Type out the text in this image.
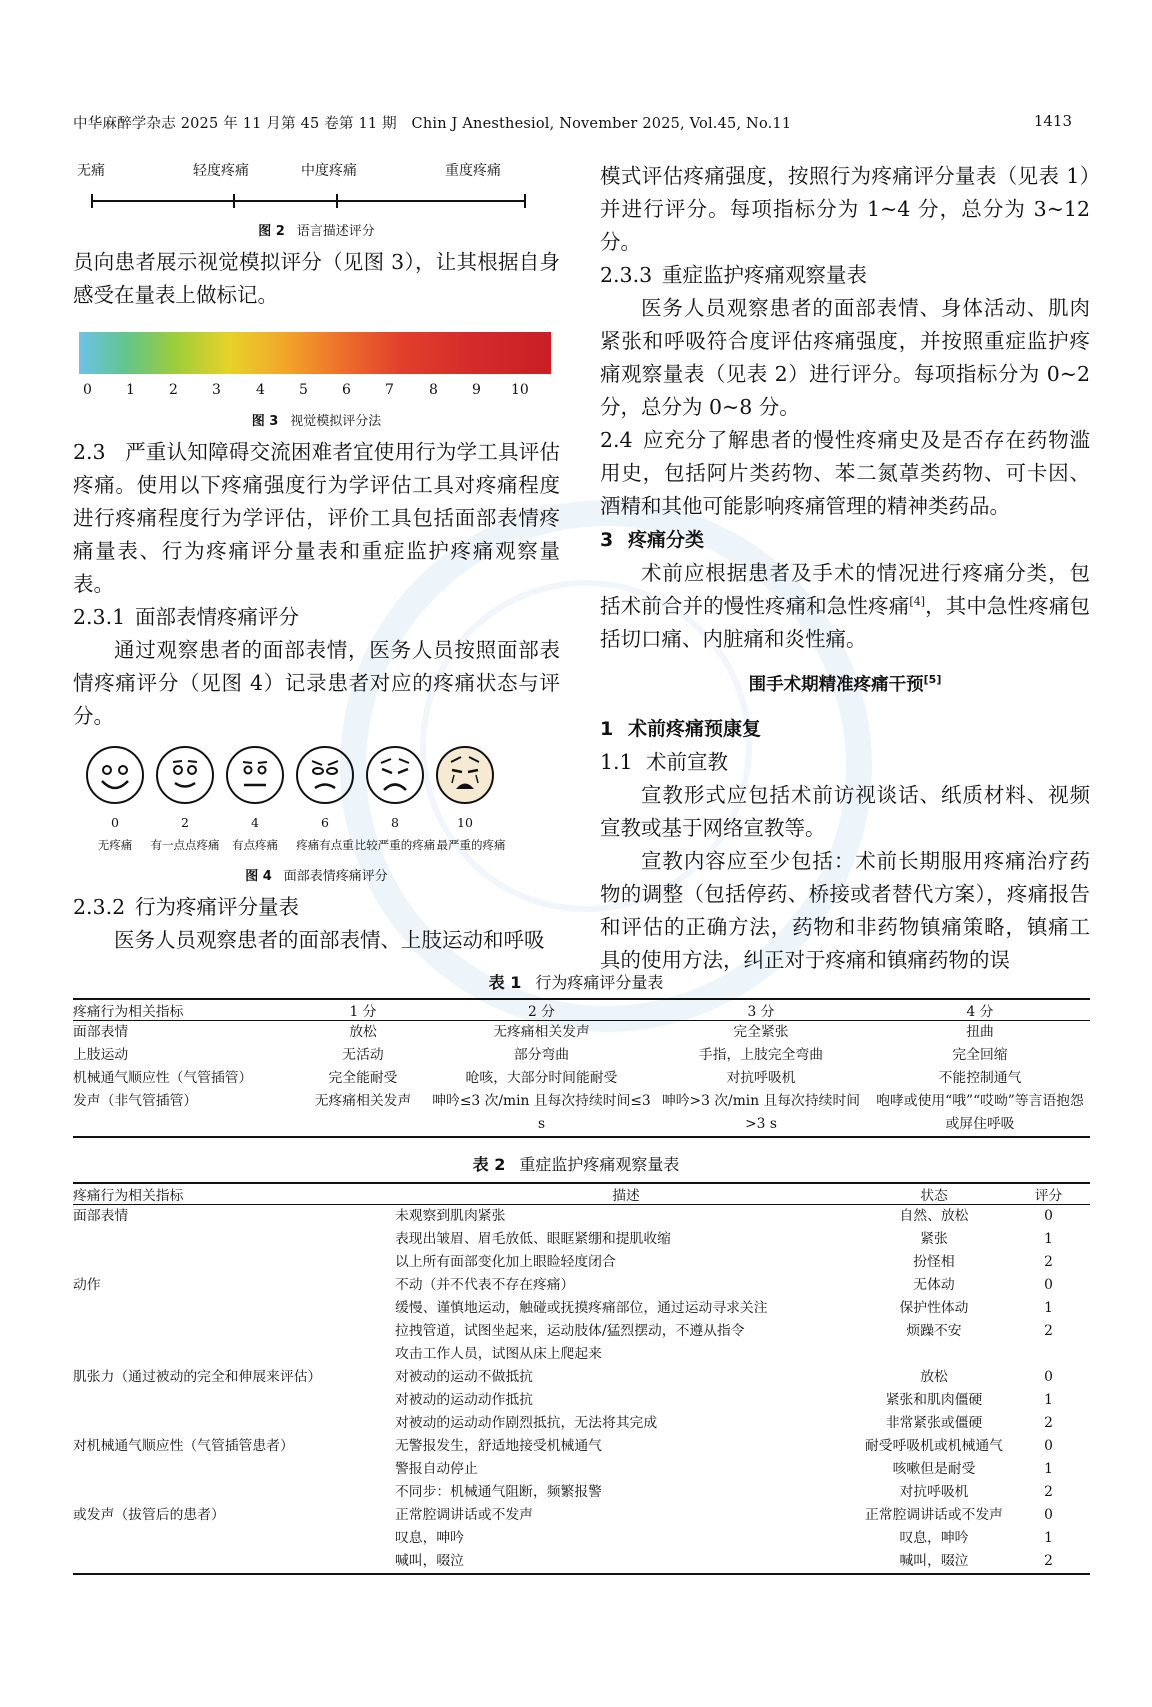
中华麻醉学杂志 2025 年 11 月第 45 卷第 11 期　Chin J Anesthesiol, November 2025, Vol.45, No.11	1413
无痛	轻度疼痛	中度疼痛	重度疼痛

图 2 语言描述评分

员向患者展示视觉模拟评分（见图 3），让其根据自身感受在量表上做标记。

0 1 2 3	4 5 6 7	8 9 10

图 3 视觉模拟评分法

2.3 严重认知障碍交流困难者宜使用行为学工具评估疼痛。使用以下疼痛强度行为学评估工具对疼痛程度进行疼痛程度行为学评估，评价工具包括面部表情疼痛量表、行为疼痛评分量表和重症监护疼痛观察量表。

2.3.1 面部表情疼痛评分

通过观察患者的面部表情，医务人员按照面部表情疼痛评分（见图 4）记录患者对应的疼痛状态与评分。

0	2	4	6	8	10
无疼痛	有一点点疼痛	有点疼痛	疼痛有点重 比较严重的疼痛 最严重的疼痛

图 4 面部表情疼痛评分

2.3.2 行为疼痛评分量表

医务人员观察患者的面部表情、上肢运动和呼吸

模式评估疼痛强度，按照行为疼痛评分量表（见表 1）并进行评分。每项指标分为 1~4 分，总分为 3~12 分。

2.3.3 重症监护疼痛观察量表

医务人员观察患者的面部表情、身体活动、肌肉紧张和呼吸符合度评估疼痛强度，并按照重症监护疼痛观察量表（见表 2）进行评分。每项指标分为 0~2 分，总分为 0~8 分。

2.4 应充分了解患者的慢性疼痛史及是否存在药物滥用史，包括阿片类药物、苯二氮䓬类药物、可卡因、酒精和其他可能影响疼痛管理的精神类药品。

3 疼痛分类

术前应根据患者及手术的情况进行疼痛分类，包括术前合并的慢性疼痛和急性疼痛[4]，其中急性疼痛包括切口痛、内脏痛和炎性痛。

围手术期精准疼痛干预[5]

1 术前疼痛预康复

1.1 术前宣教

宣教形式应包括术前访视谈话、纸质材料、视频宣教或基于网络宣教等。

宣教内容应至少包括：术前长期服用疼痛治疗药物的调整（包括停药、桥接或者替代方案），疼痛报告和评估的正确方法，药物和非药物镇痛策略，镇痛工具的使用方法，纠正对于疼痛和镇痛药物的误

表 1 行为疼痛评分量表
疼痛行为相关指标	1 分	2 分	3 分	4 分
面部表情	放松	无疼痛相关发声	完全紧张	扭曲
上肢运动	无活动	部分弯曲	手指，上肢完全弯曲	完全回缩
机械通气顺应性（气管插管）	完全能耐受	呛咳，大部分时间能耐受	对抗呼吸机	不能控制通气
发声（非气管插管）	无疼痛相关发声	呻吟≤3 次/min 且每次持续时间≤3 s	呻吟>3 次/min 且每次持续时间>3 s	咆哮或使用“哦”“哎呦”等言语抱怨或屏住呼吸
表 2 重症监护疼痛观察量表
疼痛行为相关指标	描述	状态	评分
面部表情	未观察到肌肉紧张	自然、放松	0
	表现出皱眉、眉毛放低、眼眶紧绷和提肌收缩	紧张	1
	以上所有面部变化加上眼睑轻度闭合	扮怪相	2
动作	不动（并不代表不存在疼痛）	无体动	0
	缓慢、谨慎地运动，触碰或抚摸疼痛部位，通过运动寻求关注	保护性体动	1
	拉拽管道，试图坐起来，运动肢体/猛烈摆动，不遵从指令	烦躁不安	2
	攻击工作人员，试图从床上爬起来		
肌张力（通过被动的完全和伸展来评估）	对被动的运动不做抵抗	放松	0
	对被动的运动动作抵抗	紧张和肌肉僵硬	1
	对被动的运动动作剧烈抵抗，无法将其完成	非常紧张或僵硬	2
对机械通气顺应性（气管插管患者）	无警报发生，舒适地接受机械通气	耐受呼吸机或机械通气	0
	警报自动停止	咳嗽但是耐受	1
	不同步：机械通气阻断，频繁报警	对抗呼吸机	2
或发声（拔管后的患者）	正常腔调讲话或不发声	正常腔调讲话或不发声	0
	叹息，呻吟	叹息，呻吟	1
	喊叫，啜泣	喊叫，啜泣	2
